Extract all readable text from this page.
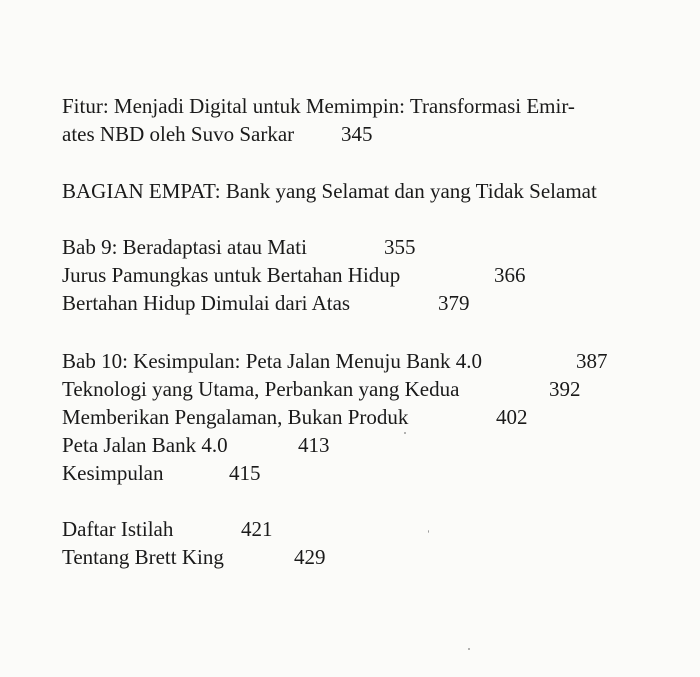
Fitur: Menjadi Digital untuk Memimpin: Transformasi Emir-
ates NBD oleh Suvo Sarkar 345
BAGIAN EMPAT: Bank yang Selamat dan yang Tidak Selamat
Bab 9: Beradaptasi atau Mati	355
Jurus Pamungkas untuk Bertahan Hidup	366
Bertahan Hidup Dimulai dari Atas	379
Bab 10: Kesimpulan: Peta Jalan Menuju Bank 4.0	387
Teknologi yang Utama, Perbankan yang Kedua	392
Memberikan Pengalaman, Bukan Produk	402
Peta Jalan Bank 4.0	413
Kesimpulan	415
Daftar Istilah	421
Tentang Brett King	429
